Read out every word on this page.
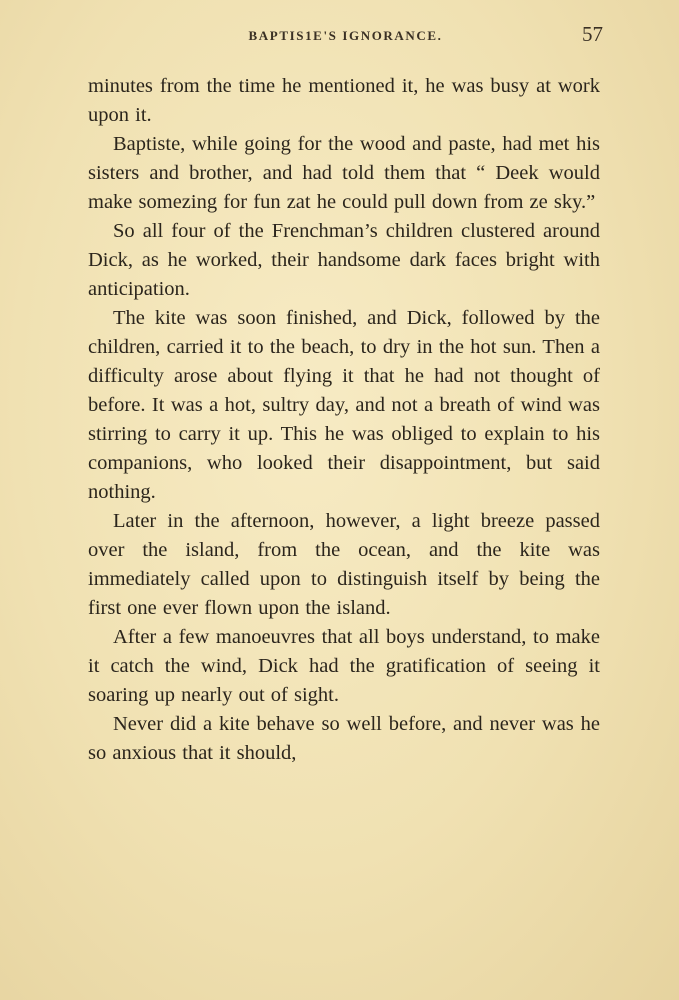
BAPTIS1E'S IGNORANCE.	57

minutes from the time he mentioned it, he was busy at work upon it.

Baptiste, while going for the wood and paste, had met his sisters and brother, and had told them that “ Deek would make somezing for fun zat he could pull down from ze sky.”

So all four of the Frenchman’s children clustered around Dick, as he worked, their handsome dark faces bright with anticipation.

The kite was soon finished, and Dick, followed by the children, carried it to the beach, to dry in the hot sun. Then a difficulty arose about flying it that he had not thought of before. It was a hot, sultry day, and not a breath of wind was stirring to carry it up. This he was obliged to explain to his companions, who looked their disappointment, but said nothing.

Later in the afternoon, however, a light breeze passed over the island, from the ocean, and the kite was immediately called upon to distinguish itself by being the first one ever flown upon the island.

After a few manoeuvres that all boys understand, to make it catch the wind, Dick had the gratification of seeing it soaring up nearly out of sight.

Never did a kite behave so well before, and never was he so anxious that it should,
